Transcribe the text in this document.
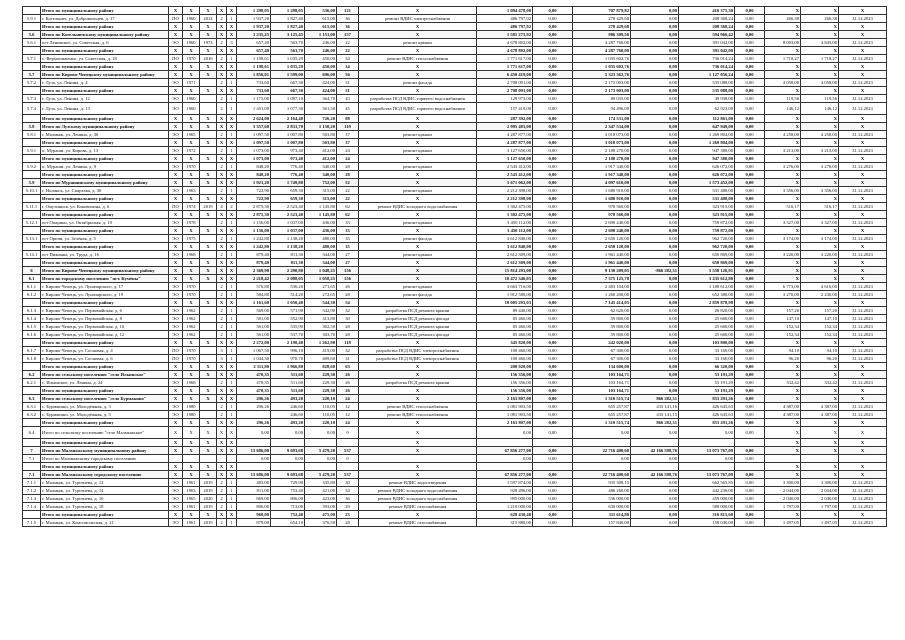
	Итого по муниципальному району	Х	Х	Х	Х	Х	1 298,05	1 298,05	536,00	121	Х	1 094 478,00	0,00	707 879,82	0,00	416 375,30	0,00	Х	Х	Х
5.9.1	г. Котельнич, ул. Добровольцев, д. 17	ПО	1960	2014	2	1	1 937,20	1 827,40	615,00	36	ремонт ВДИС электроснабжения	486 797,92	0,00	278 429,68	0,00	208 368,24	0,00	266,38	266,38	31.12.2023
	Итого по муниципальному району	Х	Х	Х	Х	Х	1 937,20	1 827,40	615,00	36	Х	486 797,92	0,00	278 429,68	0,00	208 368,24	0,00	Х	Х	Х
5.6	Итого по Котельничскому муниципальному району	Х	Х	Х	Х	Х	3 235,25	3 125,45	1 151,00	157	Х	1 581 275,92	0,00	986 309,50	0,00	594 966,42	0,00	Х	Х	Х
5.6.1	пгт Ленинское, ул. Советская, д. 6	ЭО	1960	1973	2	3	657,40	563,70	246,00	22	ремонт крыши	4 678 802,00	0,00	4 287 760,00	0,00	391 042,00	0,00	8 003,00	4 845,00	31.12.2023
	Итого по муниципальному району	Х	Х	Х	Х	Х	657,40	563,70	246,00	22	Х	4 678 802,00	0,00	4 287 760,00	0,00	391 042,00	0,00	Х	Х	Х
5.7.1	с. Верхошижемье, ул. Советская, д. 18	ПО	1970	2016	2	1	1 198,61	1 035,29	450,00	34	ремонт ВДИС теплоснабжения	1 771 617,00	0,00	1 035 602,76	0,00	736 014,24	0,00	1 718,27	1 718,27	31.12.2023
	Итого по муниципальному району	Х	Х	Х	Х	Х	1 198,61	1 035,29	450,00	34	Х	1 771 617,00	0,00	1 035 602,76	0,00	736 014,24	0,00	Х	Х	Х
5.7	Итого по Кирово-Чепецкому муниципальному району	Х	Х	Х	Х	Х	1 856,01	1 599,00	696,00	56	Х	6 450 419,00	0,00	5 323 362,76	0,00	1 127 056,24	0,00	Х	Х	Х
5.7.2	г. Луза, ул. Ленина, д. 4	ЭО	1971		2	1	733,60	667,30	424,00	31	ремонт фасада	2 708 091,00	0,00	2 173 003,00	0,00	535 088,00	0,00	4 058,00	4 058,00	31.12.2023
	Итого по муниципальному району	Х	Х	Х	Х	Х	733,60	667,30	424,00	31	Х	2 708 091,00	0,00	2 173 003,00	0,00	535 088,00	0,00	Х	Х	Х
5.7.3	г. Луза, ул. Ленина, д. 12	ЭО	1960		2	1	1 173,00	1 087,10	364,70	43	разработка ПСД ВДИС горячего водоснабжения	129 973,00	0,00	80 035,00	0,00	49 938,00	0,00	119,56	119,56	31.12.2023
5.7.4	г. Луза, ул. Ленина, д. 13	ЭО	1960		2	1	1 451,00	1 077,30	361,50	45	разработка ПСД ВДИС горячего водоснабжения	157 419,00	0,00	94 496,00	0,00	62 923,00	0,00	146,12	146,12	31.12.2023
	Итого по муниципальному району	Х	Х	Х	Х	Х	2 624,00	2 164,40	726,20	88	Х	287 392,00	0,00	174 531,00	0,00	112 861,00	0,00	Х	Х	Х
5.8	Итого по Лузскому муниципальному району	Х	Х	Х	Х	Х	3 357,60	2 831,70	1 150,20	119	Х	2 995 483,00	0,00	2 347 534,00	0,00	647 949,00	0,00	Х	Х	Х
5.8.1	г. Малмыж, ул. Ленина, д. 36	ЭО	1965		2	1	1 097,50	1 007,80	503,80	37	ремонт крыши	4 287 877,00	0,00	3 018 073,00	0,00	1 269 804,00	0,00	4 258,00	4 258,00	31.12.2023
	Итого по муниципальному району	Х	Х	Х	Х	Х	1 097,50	1 007,80	503,80	37	Х	4 287 877,00	0,00	3 018 073,00	0,00	1 269 804,00	0,00	Х	Х	Х
5.9.1	п. Мураши, ул. Кирова, д. 13	ЭО	1972		2	1	1 073,00	973,40	412,00	24	ремонт крыши	3 127 650,00	0,00	2 180 270,00	0,00	947 380,00	0,00	3 213,00	3 213,00	31.12.2023
	Итого по муниципальному району	Х	Х	Х	Х	Х	1 073,00	973,40	412,00	24	Х	3 127 650,00	0,00	2 180 270,00	0,00	947 380,00	0,00	Х	Х	Х
5.9.2	п. Мураши, ул. Ленина, д. 9	ЭО	1970		2	1	848,20	776,40	340,00	28	ремонт крыши	2 543 412,00	0,00	1 917 340,00	0,00	626 072,00	0,00	3 276,00	3 276,00	31.12.2023
	Итого по муниципальному району	Х	Х	Х	Х	Х	848,20	776,40	340,00	28	Х	2 543 412,00	0,00	1 917 340,00	0,00	626 072,00	0,00	Х	Х	Х
5.9	Итого по Мурашинскому муниципальному району	Х	Х	Х	Х	Х	1 921,20	1 749,80	752,00	52	Х	5 671 062,00	0,00	4 097 610,00	0,00	1 573 452,00	0,00	Х	Х	Х
5.10.1	г. Нолинск, ул. Спартака, д. 30	ЭО	1963		2	1	722,90	659,30	315,00	22	ремонт крыши	2 212 398,00	0,00	1 680 910,00	0,00	531 488,00	0,00	3 356,00	3 356,00	31.12.2023
	Итого по муниципальному району	Х	Х	Х	Х	Х	722,90	659,30	315,00	22	Х	2 212 398,00	0,00	1 680 910,00	0,00	531 488,00	0,00	Х	Х	Х
5.11.1	г. Омутнинск, ул. Коковихина, д. 6	ПО	1974	2019	4	2	2 875,30	2 523,40	1 145,80	62	ремонт ВДИС холодного водоснабжения	1 302 475,00	0,00	978 560,00	0,00	323 915,00	0,00	516,17	516,17	31.12.2023
	Итого по муниципальному району	Х	Х	Х	Х	Х	2 875,30	2 523,40	1 145,80	62	Х	1 302 475,00	0,00	978 560,00	0,00	323 915,00	0,00	Х	Х	Х
5.12.1	пгт Опарино, ул. Октябрьская, д. 10	ЭО	1978		2	1	1 156,00	1 037,00	436,00	33	ремонт крыши	3 450 112,00	0,00	2 690 240,00	0,00	759 872,00	0,00	3 327,00	3 327,00	31.12.2023
	Итого по муниципальному району	Х	Х	Х	Х	Х	1 156,00	1 037,00	436,00	33	Х	3 450 112,00	0,00	2 690 240,00	0,00	759 872,00	0,00	Х	Х	Х
5.13.1	пгт Оричи, ул. Зелёная, д. 5	ЭО	1975		2	1	1 242,80	1 138,20	480,00	35	ремонт фасада	3 612 840,00	0,00	2 650 120,00	0,00	962 720,00	0,00	3 174,00	3 174,00	31.12.2023
	Итого по муниципальному району	Х	Х	Х	Х	Х	1 242,80	1 138,20	480,00	35	Х	3 612 840,00	0,00	2 650 120,00	0,00	962 720,00	0,00	Х	Х	Х
5.14.1	пгт Пижанка, ул. Труда, д. 16	ЭО	1968		2	1	879,40	811,30	344,00	27	ремонт крыши	2 612 309,00	0,00	1 961 440,00	0,00	650 869,00	0,00	3 220,00	3 220,00	31.12.2023
	Итого по муниципальному району	Х	Х	Х	Х	Х	879,40	811,30	344,00	27	Х	2 612 309,00	0,00	1 961 440,00	0,00	650 869,00	0,00	Х	Х	Х
6	Итого по Кирово-Чепецкому муниципальному району	Х	Х	Х	Х	Х	2 369,90	2 290,80	1 048,25	156	Х	15 814 293,00	0,00	9 130 209,05	-866 282,31	5 558 126,91	0,00	Х	Х	Х
6.1	Итого по городскому поселению "пгт. Кумёны"	Х	Х	Х	Х	Х	2 218,42	2 088,05	1 058,25	156	Х	10 472 346,03	0,00	7 375 125,78	0,00	3 235 612,80	0,00	Х	Х	Х
6.1.1	г. Кирово-Чепецк, ул. Луначарского, д. 17	ЭО	1970		2	1	576,80	536,20	271,65	26	ремонт крыши	3 663 716,00	0,00	2 483 104,00	0,00	1 180 612,00	0,00	6 773,00	4 610,00	31.12.2023
6.1.2	г. Кирово-Чепецк, ул. Луначарского, д. 19	ЭО	1970		2	1	584,80	514,20	272,65	28	ремонт фасада	1 912 580,00	0,00	1 260 200,00	0,00	652 380,00	0,00	3 270,00	2 230,00	31.12.2023
	Итого по муниципальному району	Х	Х	Х	Х	Х	1 161,60	1 050,40	544,30	54	Х	10 005 293,03	0,00	7 145 414,05	0,00	2 859 878,98	0,00	Х	Х	Х
6.1.3	г. Кирово-Чепецк, ул. Первомайская, д. 6	ЭО	1962		2	1	569,00	571,90	342,90	32	разработка ПСД ремонта крыши	89 440,00	0,00	62 620,00	0,00	26 820,00	0,00	157,20	157,20	31.12.2023
6.1.4	г. Кирово-Чепецк, ул. Первомайская, д. 8	ЭО	1962		2	1	581,00	552,90	313,80	30	разработка ПСД ремонта фасада	85 460,00	0,00	59 800,00	0,00	25 660,00	0,00	147,10	147,10	31.12.2023
6.1.5	г. Кирово-Чепецк, ул. Первомайская, д. 10	ЭО	1962		2	1	561,00	535,90	302,50	28	разработка ПСД ремонта крыши	85 460,00	0,00	59 800,00	0,00	25 660,00	0,00	152,34	152,34	31.12.2023
6.1.6	г. Кирово-Чепецк, ул. Первомайская, д. 12	ЭО	1962		2	1	561,00	537,70	303,70	28	разработка ПСД ремонта фасада	85 460,00	0,00	59 800,00	0,00	25 660,00	0,00	152,34	152,34	31.12.2023
	Итого по муниципальному району	Х	Х	Х	Х	Х	2 272,00	2 198,40	1 262,90	118	Х	345 820,00	0,00	242 020,00	0,00	103 800,00	0,00	Х	Х	Х
6.1.7	г. Кирово-Чепецк, ул. Сосновая, д. 4	ПО	1970		3	1	1 067,50	996,10	419,00	32	разработка ПСД ВДИС электроснабжения	100 460,00	0,00	67 300,00	0,00	33 160,00	0,00	94,10	94,10	31.12.2023
6.1.8	г. Кирово-Чепецк, ул. Сосновая, д. 6	ПО	1970		3	1	1 044,30	970,70	409,60	31	разработка ПСД ВДИС электроснабжения	100 460,00	0,00	67 300,00	0,00	33 160,00	0,00	96,20	96,20	31.12.2023
	Итого по муниципальному району	Х	Х	Х	Х	Х	2 111,80	1 966,80	828,60	63	Х	200 920,00	0,00	134 600,00	0,00	66 320,00	0,00	Х	Х	Х
6.2	Итого по сельскому поселению "село Ильинское"	Х	Х	Х	Х	Х	470,35	511,60	229,30	26	Х	156 356,00	0,00	103 164,71	0,00	53 191,29	0,00	Х	Х	Х
6.2.1	с. Ильинское, ул. Ленина, д. 24	ЭО	1968		2	1	470,35	511,60	229,30	26	разработка ПСД ремонта крыши	156 356,00	0,00	103 164,71	0,00	53 191,29	0,00	332,42	332,42	31.12.2023
	Итого по муниципальному району	Х	Х	Х	Х	Х	470,35	511,60	229,30	26	Х	156 356,00	0,00	103 164,71	0,00	53 191,29	0,00	Х	Х	Х
6.3	Итого по сельскому поселению "село Бурмакино"	Х	Х	Х	Х	Х	296,26	493,20	220,10	24	Х	2 163 807,00	0,00	1 310 515,74	866 282,31	853 291,26	0,00	Х	Х	Х
6.3.1	с. Бурмакино, ул. Молодёжная, д. 3	ЭО	1980		2	1	296,26	246,60	110,05	12	ремонт ВДИС теплоснабжения	1 081 903,50	0,00	655 257,87	433 141,16	426 645,63	0,00	4 387,00	4 387,00	31.12.2023
6.3.2	с. Бурмакино, ул. Молодёжная, д. 5	ЭО	1980		2	1		246,60	110,05	12	ремонт ВДИС теплоснабжения	1 081 903,50	0,00	655 257,87	433 141,15	426 645,63	0,00	4 387,00	4 387,00	31.12.2023
	Итого по муниципальному району	Х	Х	Х	Х	Х	296,26	493,20	220,10	24	Х	2 163 807,00	0,00	1 310 515,74	866 282,31	853 291,26	0,00	Х	Х	Х
6.4	Итого по сельскому поселению "село Малмыжское"	Х	Х	Х	Х	Х	0,00	0,00	0,00	0	Х	0,00	0,00	0,00	0,00	0,00	0,00	Х	Х	Х
	Итого по муниципальному району	Х	Х	Х	Х	Х					Х							Х	Х	Х
7	Итого по Малмыжскому муниципальному району	Х	Х	Х	Х	Х	13 686,00	9 693,68	5 479,20	537	Х	67 856 277,00	0,00	22 716 400,60	42 166 598,76	13 073 767,09	0,00	Х	Х	Х
7.1	Итого по Малмыжскому городскому поселению						0,00	0,00	0,00	0		0,00	0,00	0,00	0,00	0,00	0,00			
	Итого по муниципальному району	Х	Х	Х	Х	Х					Х							Х	Х	Х
7.1	Итого по Малмыжскому городскому поселению	Х	Х	Х	Х	Х	13 686,00	9 693,68	5 479,20	537	Х	67 856 277,00	0,00	22 716 400,60	42 166 598,76	13 073 767,09	0,00	Х	Х	Х
7.1.1	г. Малмыж, ул. Тургенева, д. 12	ЭО	1961	2019	2	1	483,00	729,90	335,80	30	ремонт ВДИС водоотведения	1 597 874,00	0,00	935 308,15	0,00	662 565,85	0,00	3 300,00	3 300,00	31.12.2023
7.1.2	г. Малмыж, ул. Тургенева, д. 14	ЭО	1963	2019	2	1	811,00	753,40	421,00	34	ремонт ВДИС холодного водоснабжения	928 496,00	0,00	486 260,00	0,00	442 236,00	0,00	2 044,00	2 044,00	31.12.2023
7.1.3	г. Малмыж, ул. Тургенева, д. 16	ЭО	1965	2020	2	1	869,00	806,00	423,00	36	ремонт ВДИС холодного водоснабжения	995 000,00	0,00	536 000,00	0,00	459 000,00	0,00	2 040,00	2 040,00	31.12.2023
7.1.4	г. Малмыж, ул. Тургенева, д. 18	ЭО	1961	2019	2	1	806,00	713,00	393,00	29	ремонт ВДИС газоснабжения	1 210 000,00	0,00	630 000,00	0,00	580 000,00	0,00	1 797,00	1 797,00	31.12.2023
	Итого по муниципальному району	Х	Х	Х	Х	Х	960,00	752,40	475,00	23	Х	628 430,40	0,00	311 614,80	0,00	316 815,60	0,00	Х	Х	Х
7.1.5	г. Малмыж, ул. Комсомольская, д. 21	ЭО	1961	2019	2	1	879,00	654,10	376,50	28	ремонт ВДИС газоснабжения	315 880,00	0,00	157 840,00	0,00	158 040,00	0,00	1 497,05	1 497,05	31.12.2023
